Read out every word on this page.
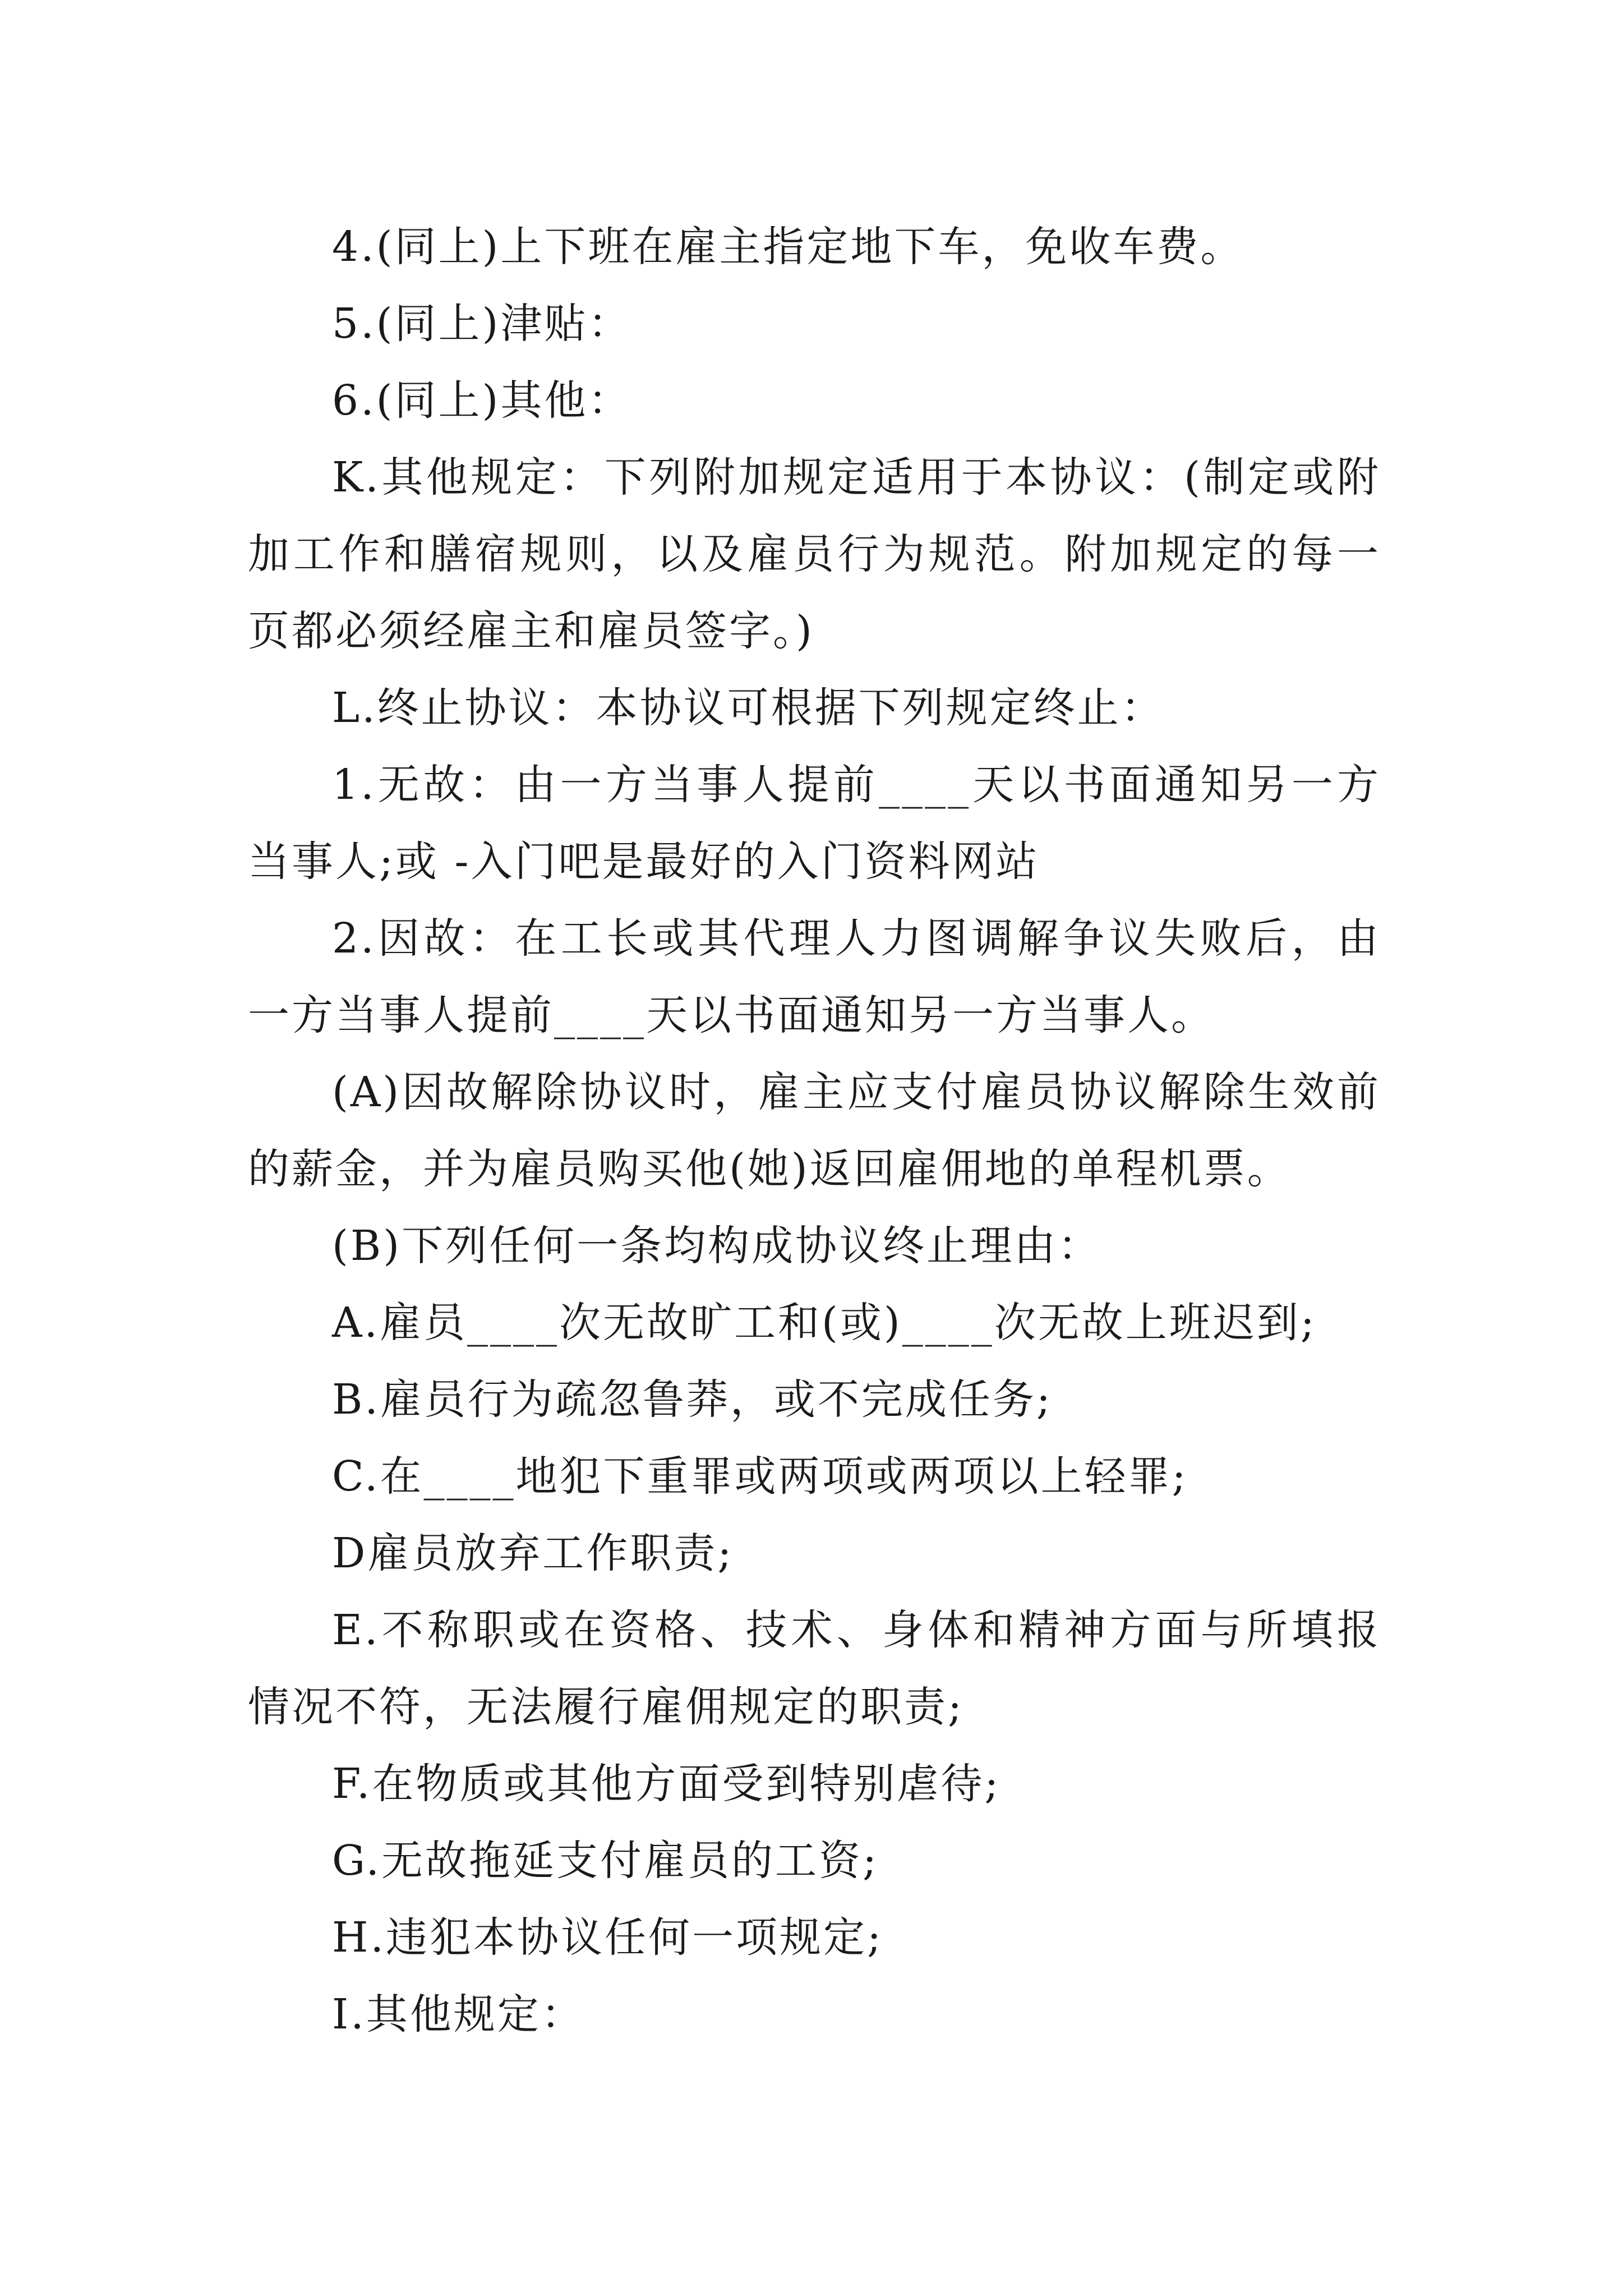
4.(同上)上下班在雇主指定地下车，免收车费。

5.(同上)津贴：

6.(同上)其他：

K.其他规定：下列附加规定适用于本协议：(制定或附加工作和膳宿规则，以及雇员行为规范。附加规定的每一页都必须经雇主和雇员签字。)

L.终止协议：本协议可根据下列规定终止：

1.无故：由一方当事人提前____天以书面通知另一方当事人;或 -入门吧是最好的入门资料网站

2.因故：在工长或其代理人力图调解争议失败后，由一方当事人提前____天以书面通知另一方当事人。

(A)因故解除协议时，雇主应支付雇员协议解除生效前的薪金，并为雇员购买他(她)返回雇佣地的单程机票。

(B)下列任何一条均构成协议终止理由：

A.雇员____次无故旷工和(或)____次无故上班迟到;

B.雇员行为疏忽鲁莽，或不完成任务;

C.在____地犯下重罪或两项或两项以上轻罪;

D雇员放弃工作职责;

E.不称职或在资格、技术、身体和精神方面与所填报情况不符，无法履行雇佣规定的职责;

F.在物质或其他方面受到特别虐待;

G.无故拖延支付雇员的工资;

H.违犯本协议任何一项规定;

I.其他规定：
